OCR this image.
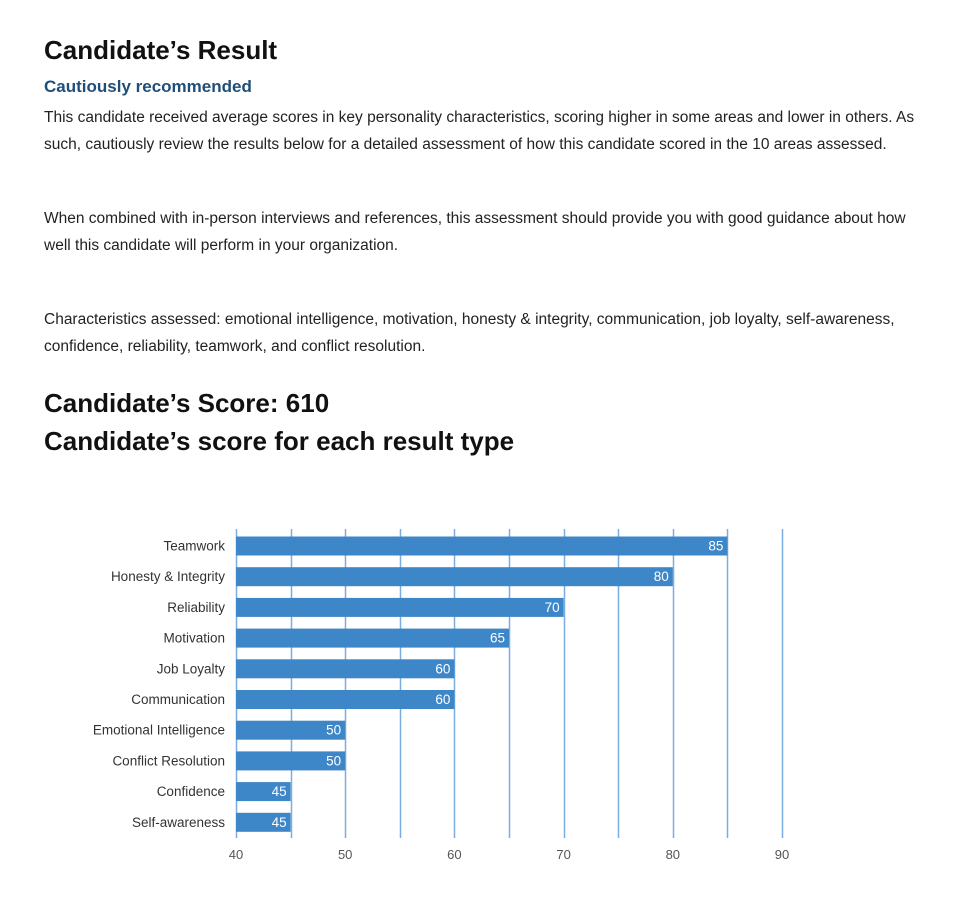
Candidate’s Result
Cautiously recommended

This candidate received average scores in key personality characteristics, scoring higher in some areas and lower in others. As such, cautiously review the results below for a detailed assessment of how this candidate scored in the 10 areas assessed.

When combined with in-person interviews and references, this assessment should provide you with good guidance about how well this candidate will perform in your organization.

Characteristics assessed: emotional intelligence, motivation, honesty & integrity, communication, job loyalty, self-awareness, confidence, reliability, teamwork, and conflict resolution.

Candidate’s Score: 610
Candidate’s score for each result type
Teamwork	85
Honesty & Integrity	80
Reliability	70
Motivation	65
Job Loyalty	60
Communication	60
Emotional Intelligence	50
Conflict Resolution	50
Confidence	45
Self-awareness	45
40	50	60	70	80	90
